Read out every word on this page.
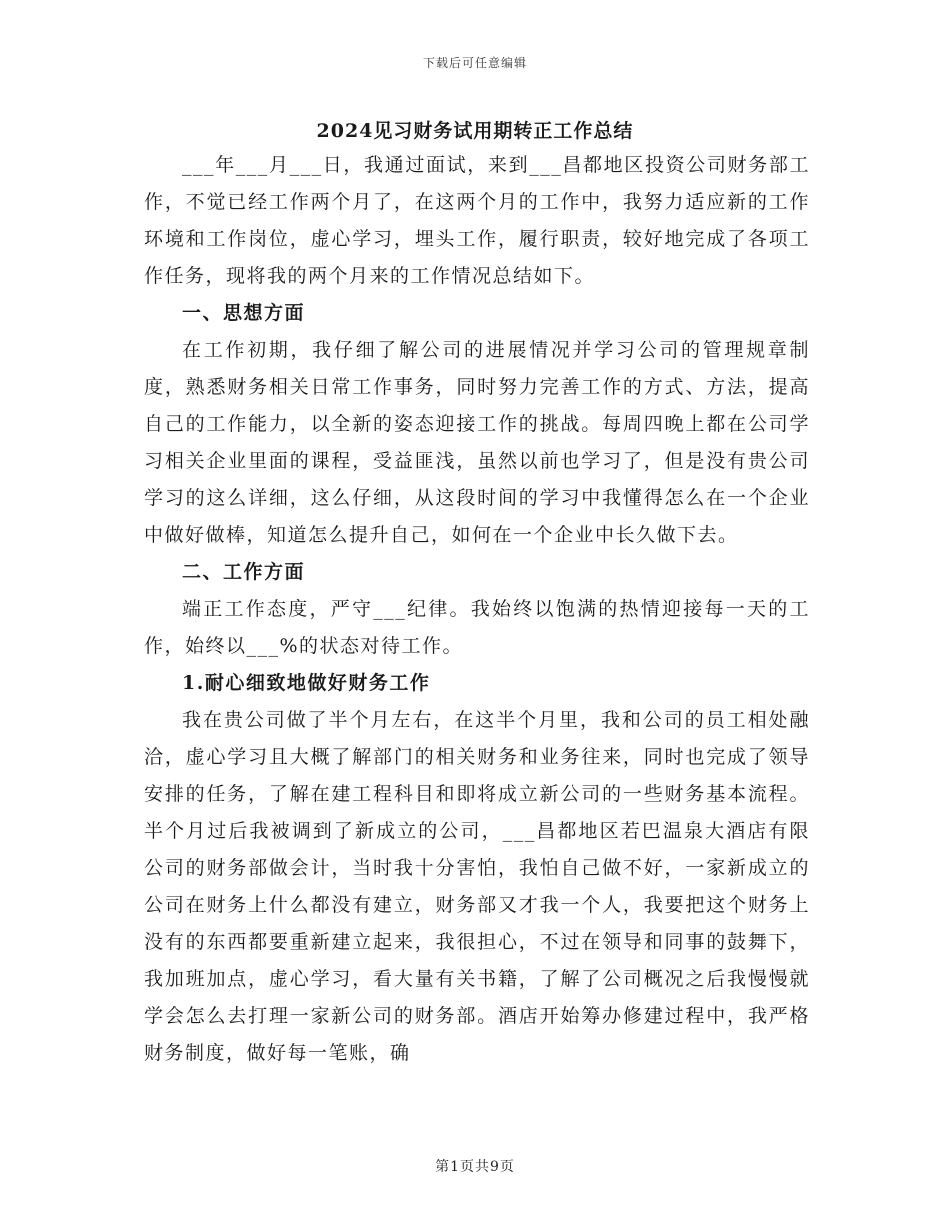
下载后可任意编辑
2024见习财务试用期转正工作总结

___年___月___日，我通过面试，来到___昌都地区投资公司财务部工作，不觉已经工作两个月了，在这两个月的工作中，我努力适应新的工作环境和工作岗位，虚心学习，埋头工作，履行职责，较好地完成了各项工作任务，现将我的两个月来的工作情况总结如下。

一、思想方面

在工作初期，我仔细了解公司的进展情况并学习公司的管理规章制度，熟悉财务相关日常工作事务，同时努力完善工作的方式、方法，提高自己的工作能力，以全新的姿态迎接工作的挑战。每周四晚上都在公司学习相关企业里面的课程，受益匪浅，虽然以前也学习了，但是没有贵公司学习的这么详细，这么仔细，从这段时间的学习中我懂得怎么在一个企业中做好做棒，知道怎么提升自己，如何在一个企业中长久做下去。

二、工作方面

端正工作态度，严守___纪律。我始终以饱满的热情迎接每一天的工作，始终以___%的状态对待工作。

1.耐心细致地做好财务工作

我在贵公司做了半个月左右，在这半个月里，我和公司的员工相处融洽，虚心学习且大概了解部门的相关财务和业务往来，同时也完成了领导安排的任务，了解在建工程科目和即将成立新公司的一些财务基本流程。半个月过后我被调到了新成立的公司，___昌都地区若巴温泉大酒店有限公司的财务部做会计，当时我十分害怕，我怕自己做不好，一家新成立的公司在财务上什么都没有建立，财务部又才我一个人，我要把这个财务上没有的东西都要重新建立起来，我很担心，不过在领导和同事的鼓舞下，我加班加点，虚心学习，看大量有关书籍，了解了公司概况之后我慢慢就学会怎么去打理一家新公司的财务部。酒店开始筹办修建过程中，我严格财务制度，做好每一笔账，确

第1页共9页
